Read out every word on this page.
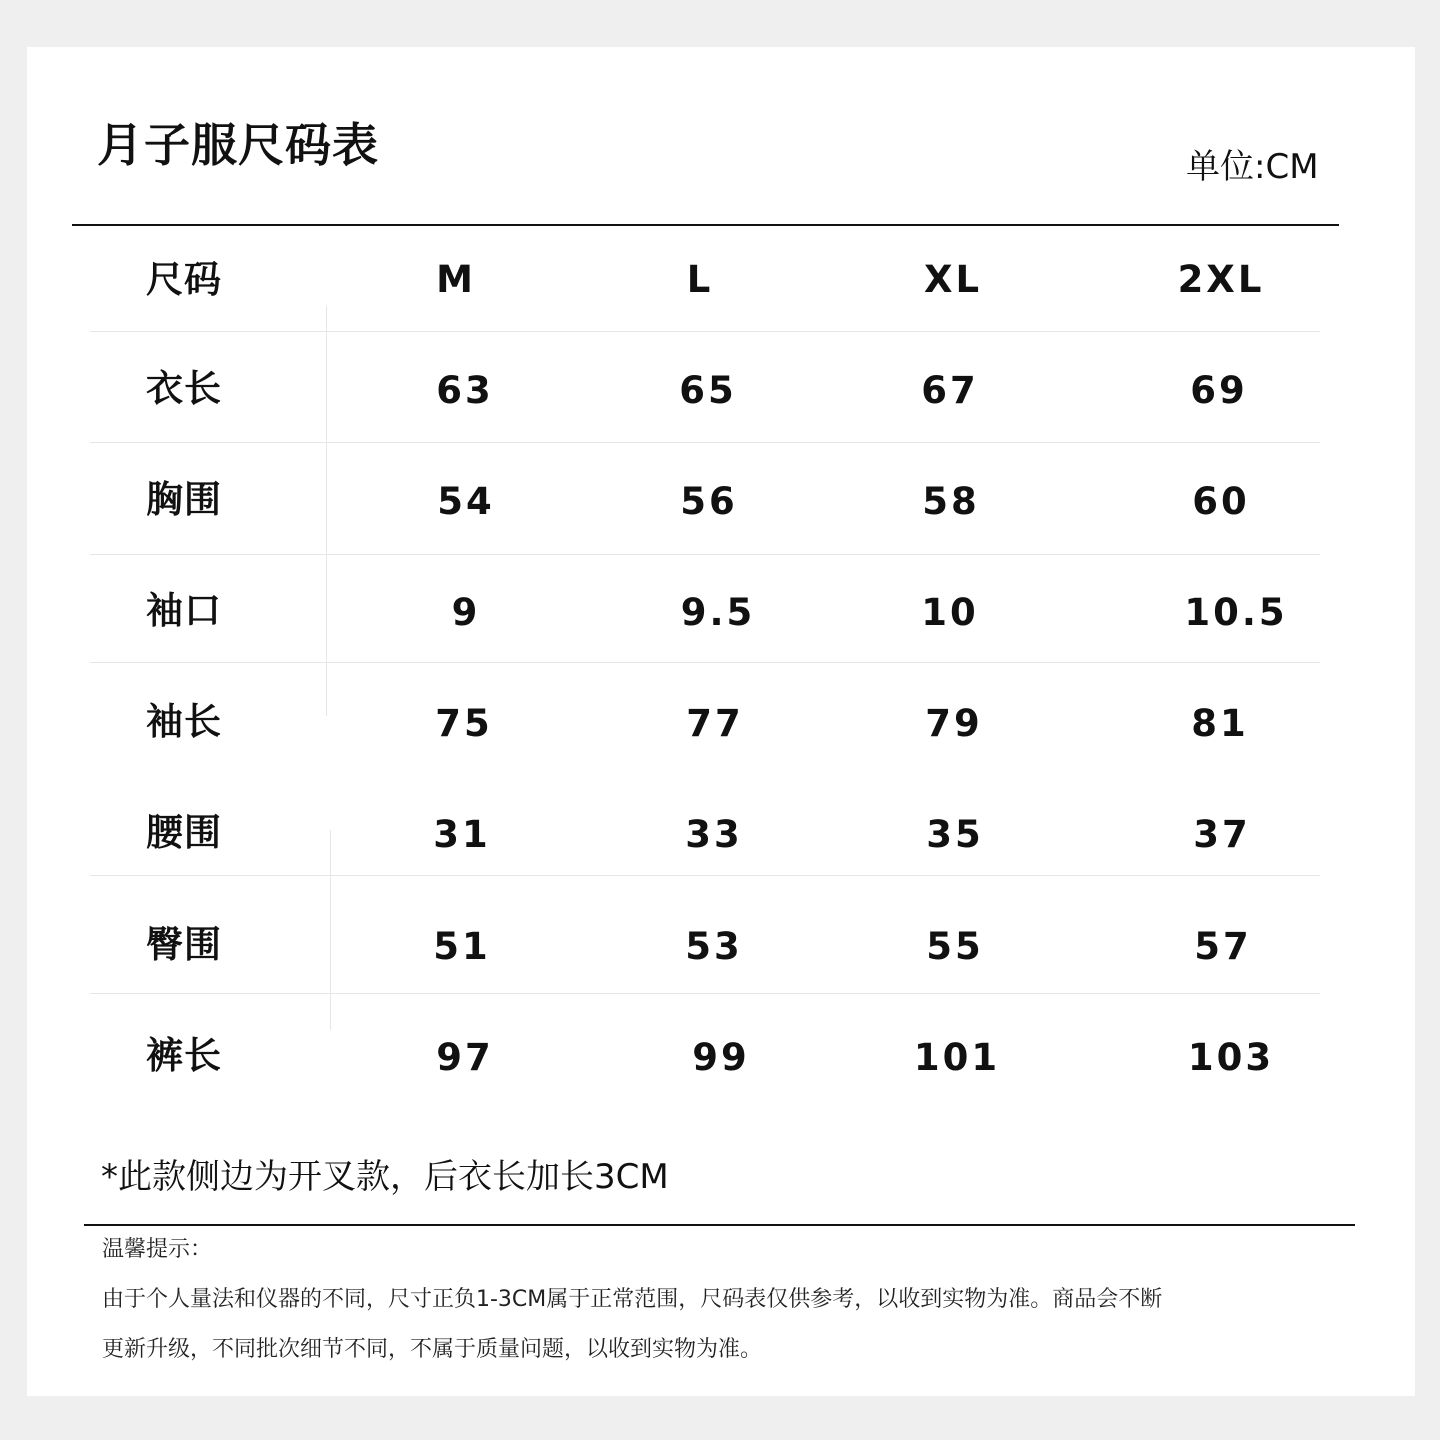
月子服尺码表	单位:CM
尺码	M	L	XL	2XL
衣长	63	65	67	69
胸围	54	56	58	60
袖口	9	9.5	10	10.5
袖长	75	77	79	81
腰围	31	33	35	37
臀围	51	53	55	57
裤长	97	99	101	103
*此款侧边为开叉款，后衣长加长3CM
温馨提示：
由于个人量法和仪器的不同，尺寸正负1-3CM属于正常范围，尺码表仅供参考，以收到实物为准。商品会不断
更新升级，不同批次细节不同，不属于质量问题，以收到实物为准。
